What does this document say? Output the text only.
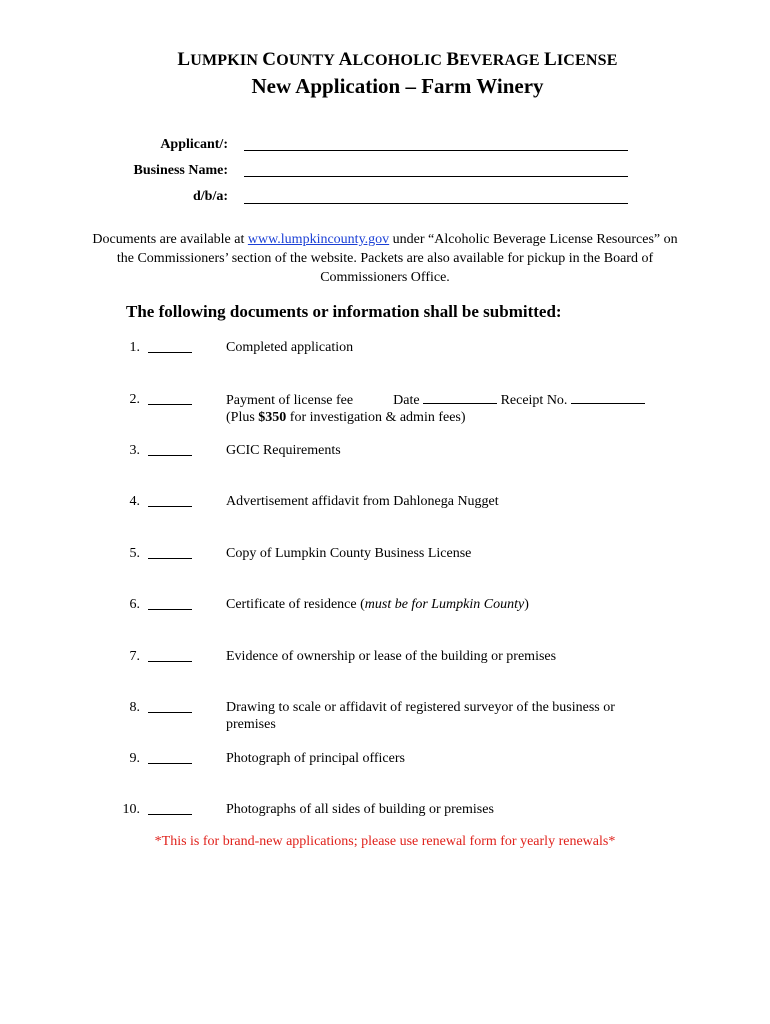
LUMPKIN COUNTY ALCOHOLIC BEVERAGE LICENSE
New Application – Farm Winery
Applicant/:
Business Name:
d/b/a:
Documents are available at www.lumpkincounty.gov under “Alcoholic Beverage License Resources” on the Commissioners’ section of the website. Packets are also available for pickup in the Board of Commissioners Office.
The following documents or information shall be submitted:
1.	Completed application
2.	Payment of license fee	Date	Receipt No.
(Plus $350 for investigation & admin fees)
3.	GCIC Requirements
4.	Advertisement affidavit from Dahlonega Nugget
5.	Copy of Lumpkin County Business License
6.	Certificate of residence (must be for Lumpkin County)
7.	Evidence of ownership or lease of the building or premises
8.	Drawing to scale or affidavit of registered surveyor of the business or premises
9.	Photograph of principal officers
10.	Photographs of all sides of building or premises
*This is for brand-new applications; please use renewal form for yearly renewals*
